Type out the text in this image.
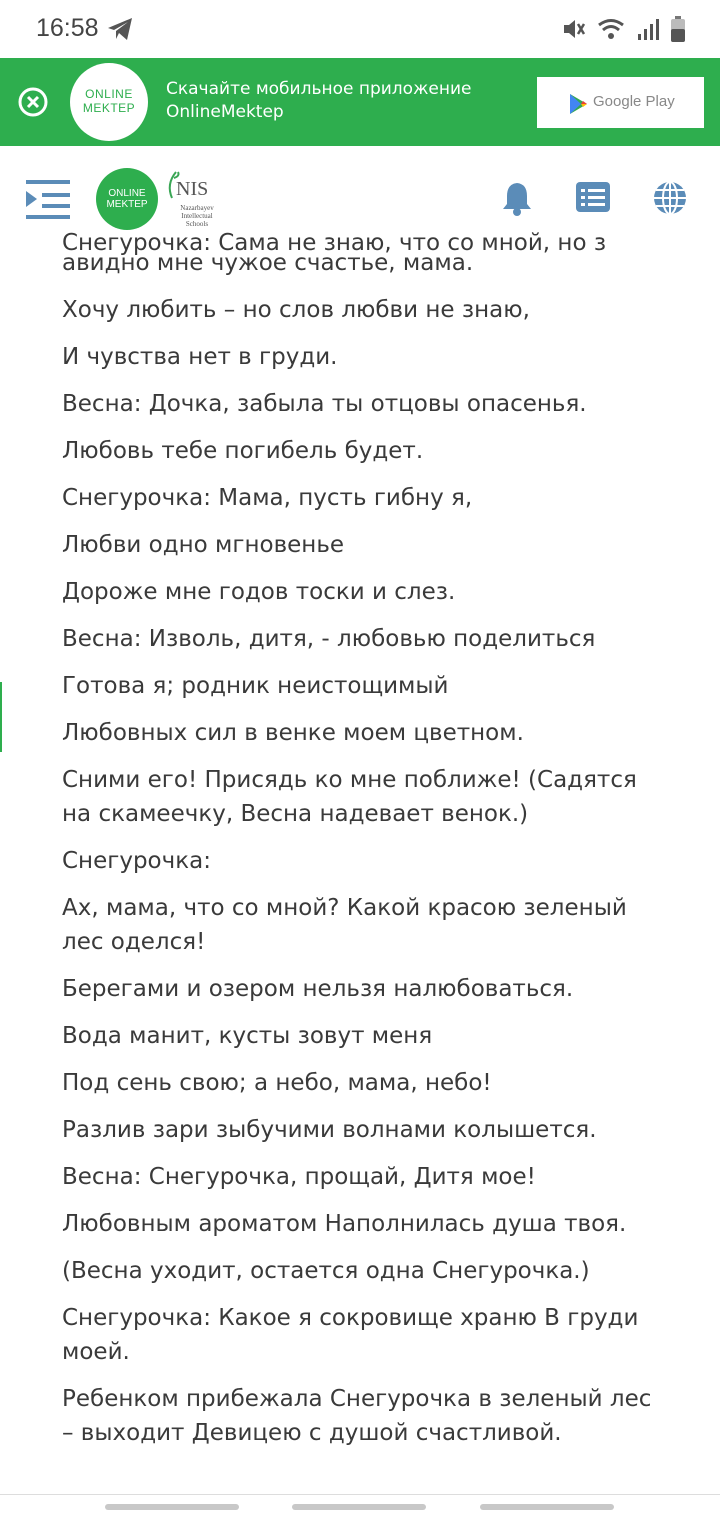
16:58
ONLINE
MEKTEP
Скачайте мобильное приложение OnlineMektep
Google Play
ONLINE
MEKTEP
NIS
Nazarbayev Intellectual Schools
Снегурочка: Сама не знаю, что со мной, но з
авидно мне чужое счастье, мама.
Хочу любить – но слов любви не знаю,
И чувства нет в груди.
Весна: Дочка, забыла ты отцовы опасенья.
Любовь тебе погибель будет.
Снегурочка: Мама, пусть гибну я,
Любви одно мгновенье
Дороже мне годов тоски и слез.
Весна: Изволь, дитя, - любовью поделиться
Готова я; родник неистощимый
Любовных сил в венке моем цветном.
Сними его! Присядь ко мне поближе! (Садятся на скамеечку, Весна надевает венок.)
Снегурочка:
Ах, мама, что со мной? Какой красою зеленый лес оделся!
Берегами и озером нельзя налюбоваться.
Вода манит, кусты зовут меня
Под сень свою; а небо, мама, небо!
Разлив зари зыбучими волнами колышется.
Весна: Снегурочка, прощай, Дитя мое!
Любовным ароматом Наполнилась душа твоя.
(Весна уходит, остается одна Снегурочка.)
Снегурочка: Какое я сокровище храню В груди моей.
Ребенком прибежала Снегурочка в зеленый лес – выходит Девицею с душой счастливой.
